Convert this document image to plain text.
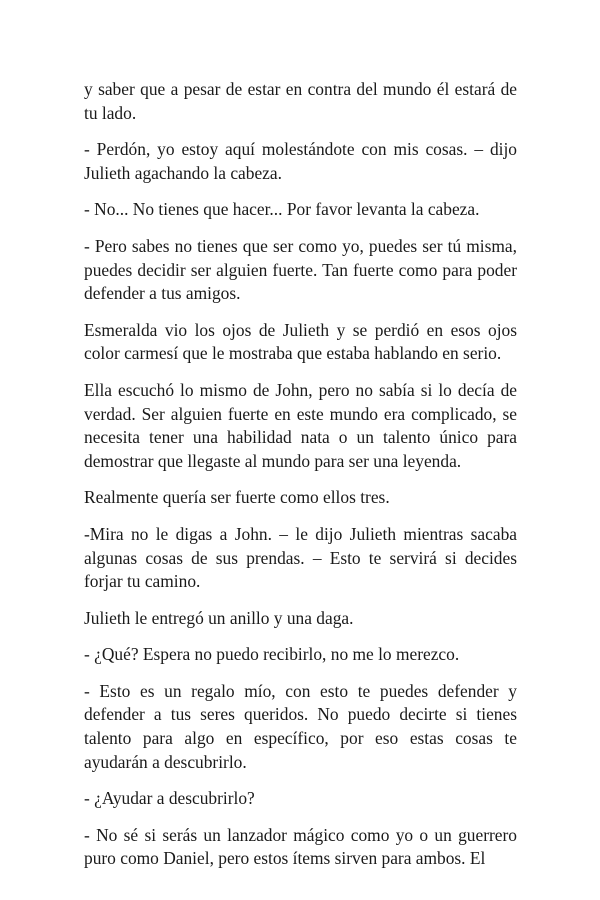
y saber que a pesar de estar en contra del mundo él estará de tu lado.

- Perdón, yo estoy aquí molestándote con mis cosas. – dijo Julieth agachando la cabeza.

- No... No tienes que hacer... Por favor levanta la cabeza.

- Pero sabes no tienes que ser como yo, puedes ser tú misma, puedes decidir ser alguien fuerte. Tan fuerte como para poder defender a tus amigos.

Esmeralda vio los ojos de Julieth y se perdió en esos ojos color carmesí que le mostraba que estaba hablando en serio.

Ella escuchó lo mismo de John, pero no sabía si lo decía de verdad. Ser alguien fuerte en este mundo era complicado, se necesita tener una habilidad nata o un talento único para demostrar que llegaste al mundo para ser una leyenda.

Realmente quería ser fuerte como ellos tres.

-Mira no le digas a John. – le dijo Julieth mientras sacaba algunas cosas de sus prendas. – Esto te servirá si decides forjar tu camino.

Julieth le entregó un anillo y una daga.

- ¿Qué? Espera no puedo recibirlo, no me lo merezco.

- Esto es un regalo mío, con esto te puedes defender y defender a tus seres queridos. No puedo decirte si tienes talento para algo en específico, por eso estas cosas te ayudarán a descubrirlo.

- ¿Ayudar a descubrirlo?

- No sé si serás un lanzador mágico como yo o un guerrero puro como Daniel, pero estos ítems sirven para ambos. El
